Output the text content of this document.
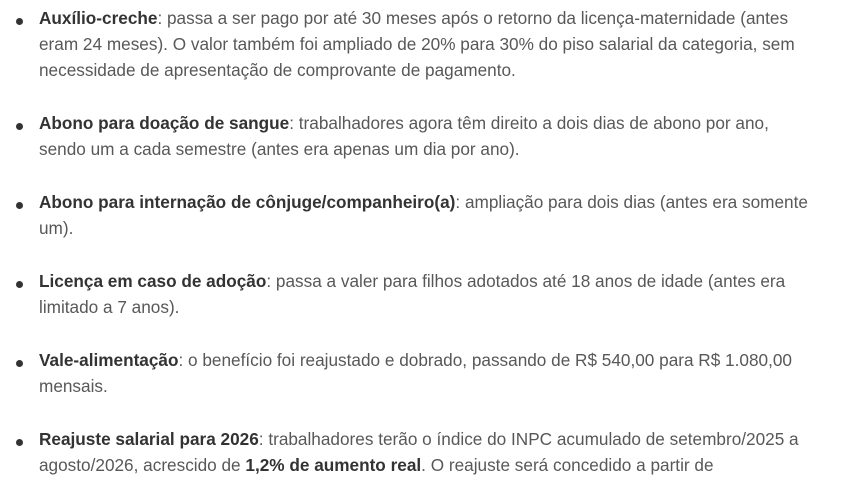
Auxílio-creche: passa a ser pago por até 30 meses após o retorno da licença-maternidade (antes eram 24 meses). O valor também foi ampliado de 20% para 30% do piso salarial da categoria, sem necessidade de apresentação de comprovante de pagamento.

Abono para doação de sangue: trabalhadores agora têm direito a dois dias de abono por ano, sendo um a cada semestre (antes era apenas um dia por ano).

Abono para internação de cônjuge/companheiro(a): ampliação para dois dias (antes era somente um).

Licença em caso de adoção: passa a valer para filhos adotados até 18 anos de idade (antes era limitado a 7 anos).

Vale-alimentação: o benefício foi reajustado e dobrado, passando de R$ 540,00 para R$ 1.080,00 mensais.

Reajuste salarial para 2026: trabalhadores terão o índice do INPC acumulado de setembro/2025 a agosto/2026, acrescido de 1,2% de aumento real. O reajuste será concedido a partir de
